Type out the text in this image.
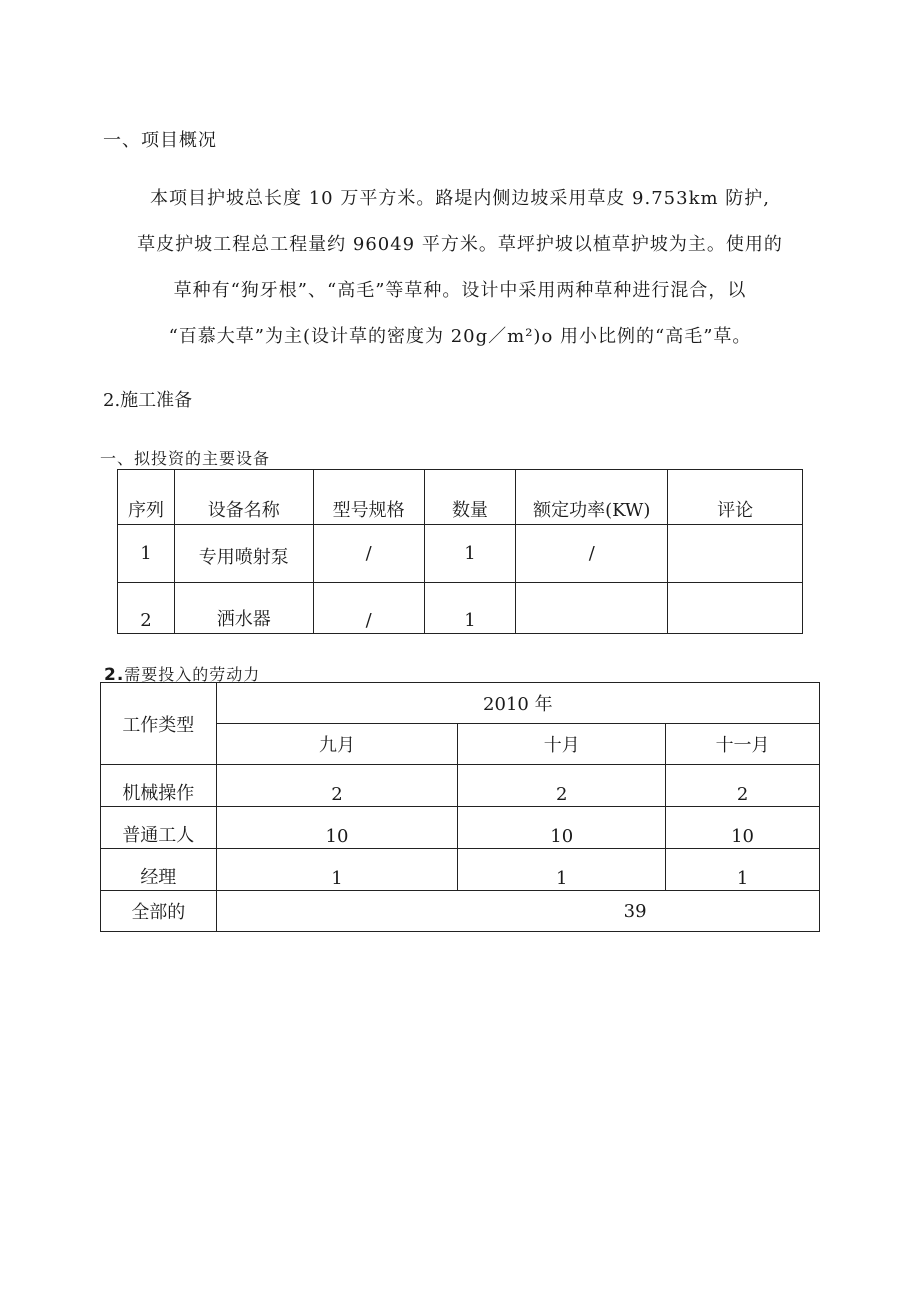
一、项目概况
本项目护坡总长度 10 万平方米。路堤内侧边坡采用草皮 9.753km 防护,
草皮护坡工程总工程量约 96049 平方米。草坪护坡以植草护坡为主。使用的
草种有“狗牙根”、“高毛”等草种。设计中采用两种草种进行混合，以
“百慕大草”为主(设计草的密度为 20g／m²)o 用小比例的“高毛”草。
2.施工准备
一、拟投资的主要设备
序列	设备名称	型号规格	数量	额定功率(KW)	评论
1	专用喷射泵	/	1	/	
2	洒水器	/	1		
2.需要投入的劳动力
工作类型	2010 年		
	九月	十月	十一月
机械操作	2	2	2
普通工人	10	10	10
经理	1	1	1
全部的	39		
